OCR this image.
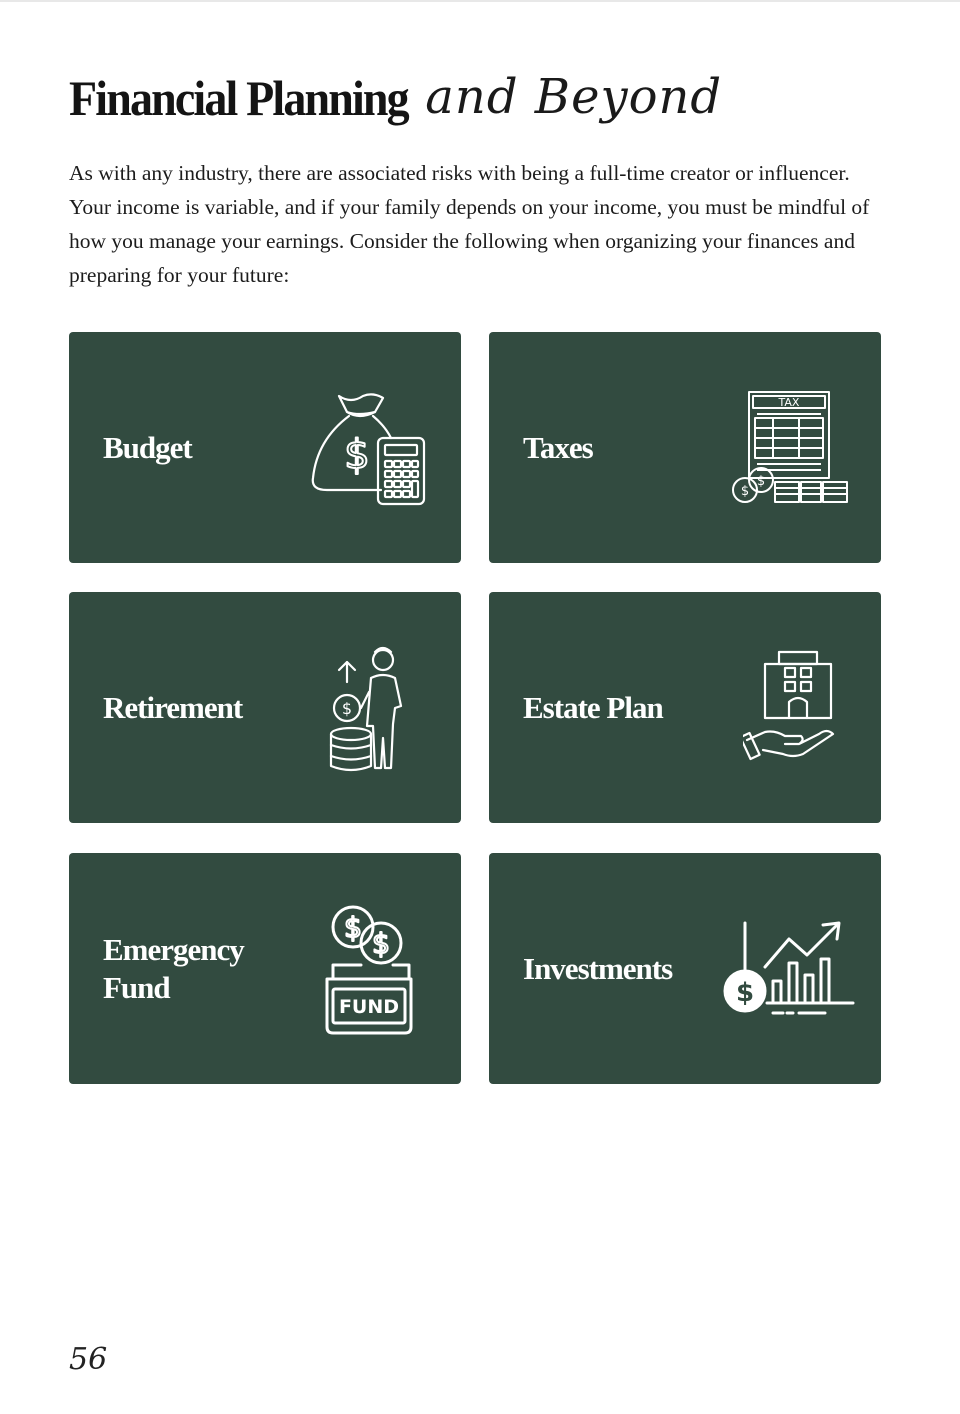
Financial Planning and Beyond

As with any industry, there are associated risks with being a full-time creator or influencer. Your income is variable, and if your family depends on your income, you must be mindful of how you manage your earnings. Consider the following when organizing your finances and preparing for your future:

Budget	$	Taxes
TAX
$
$
Retirement	$	Estate Plan
Emergency Fund
$ $
FUND
Investments
$
56
